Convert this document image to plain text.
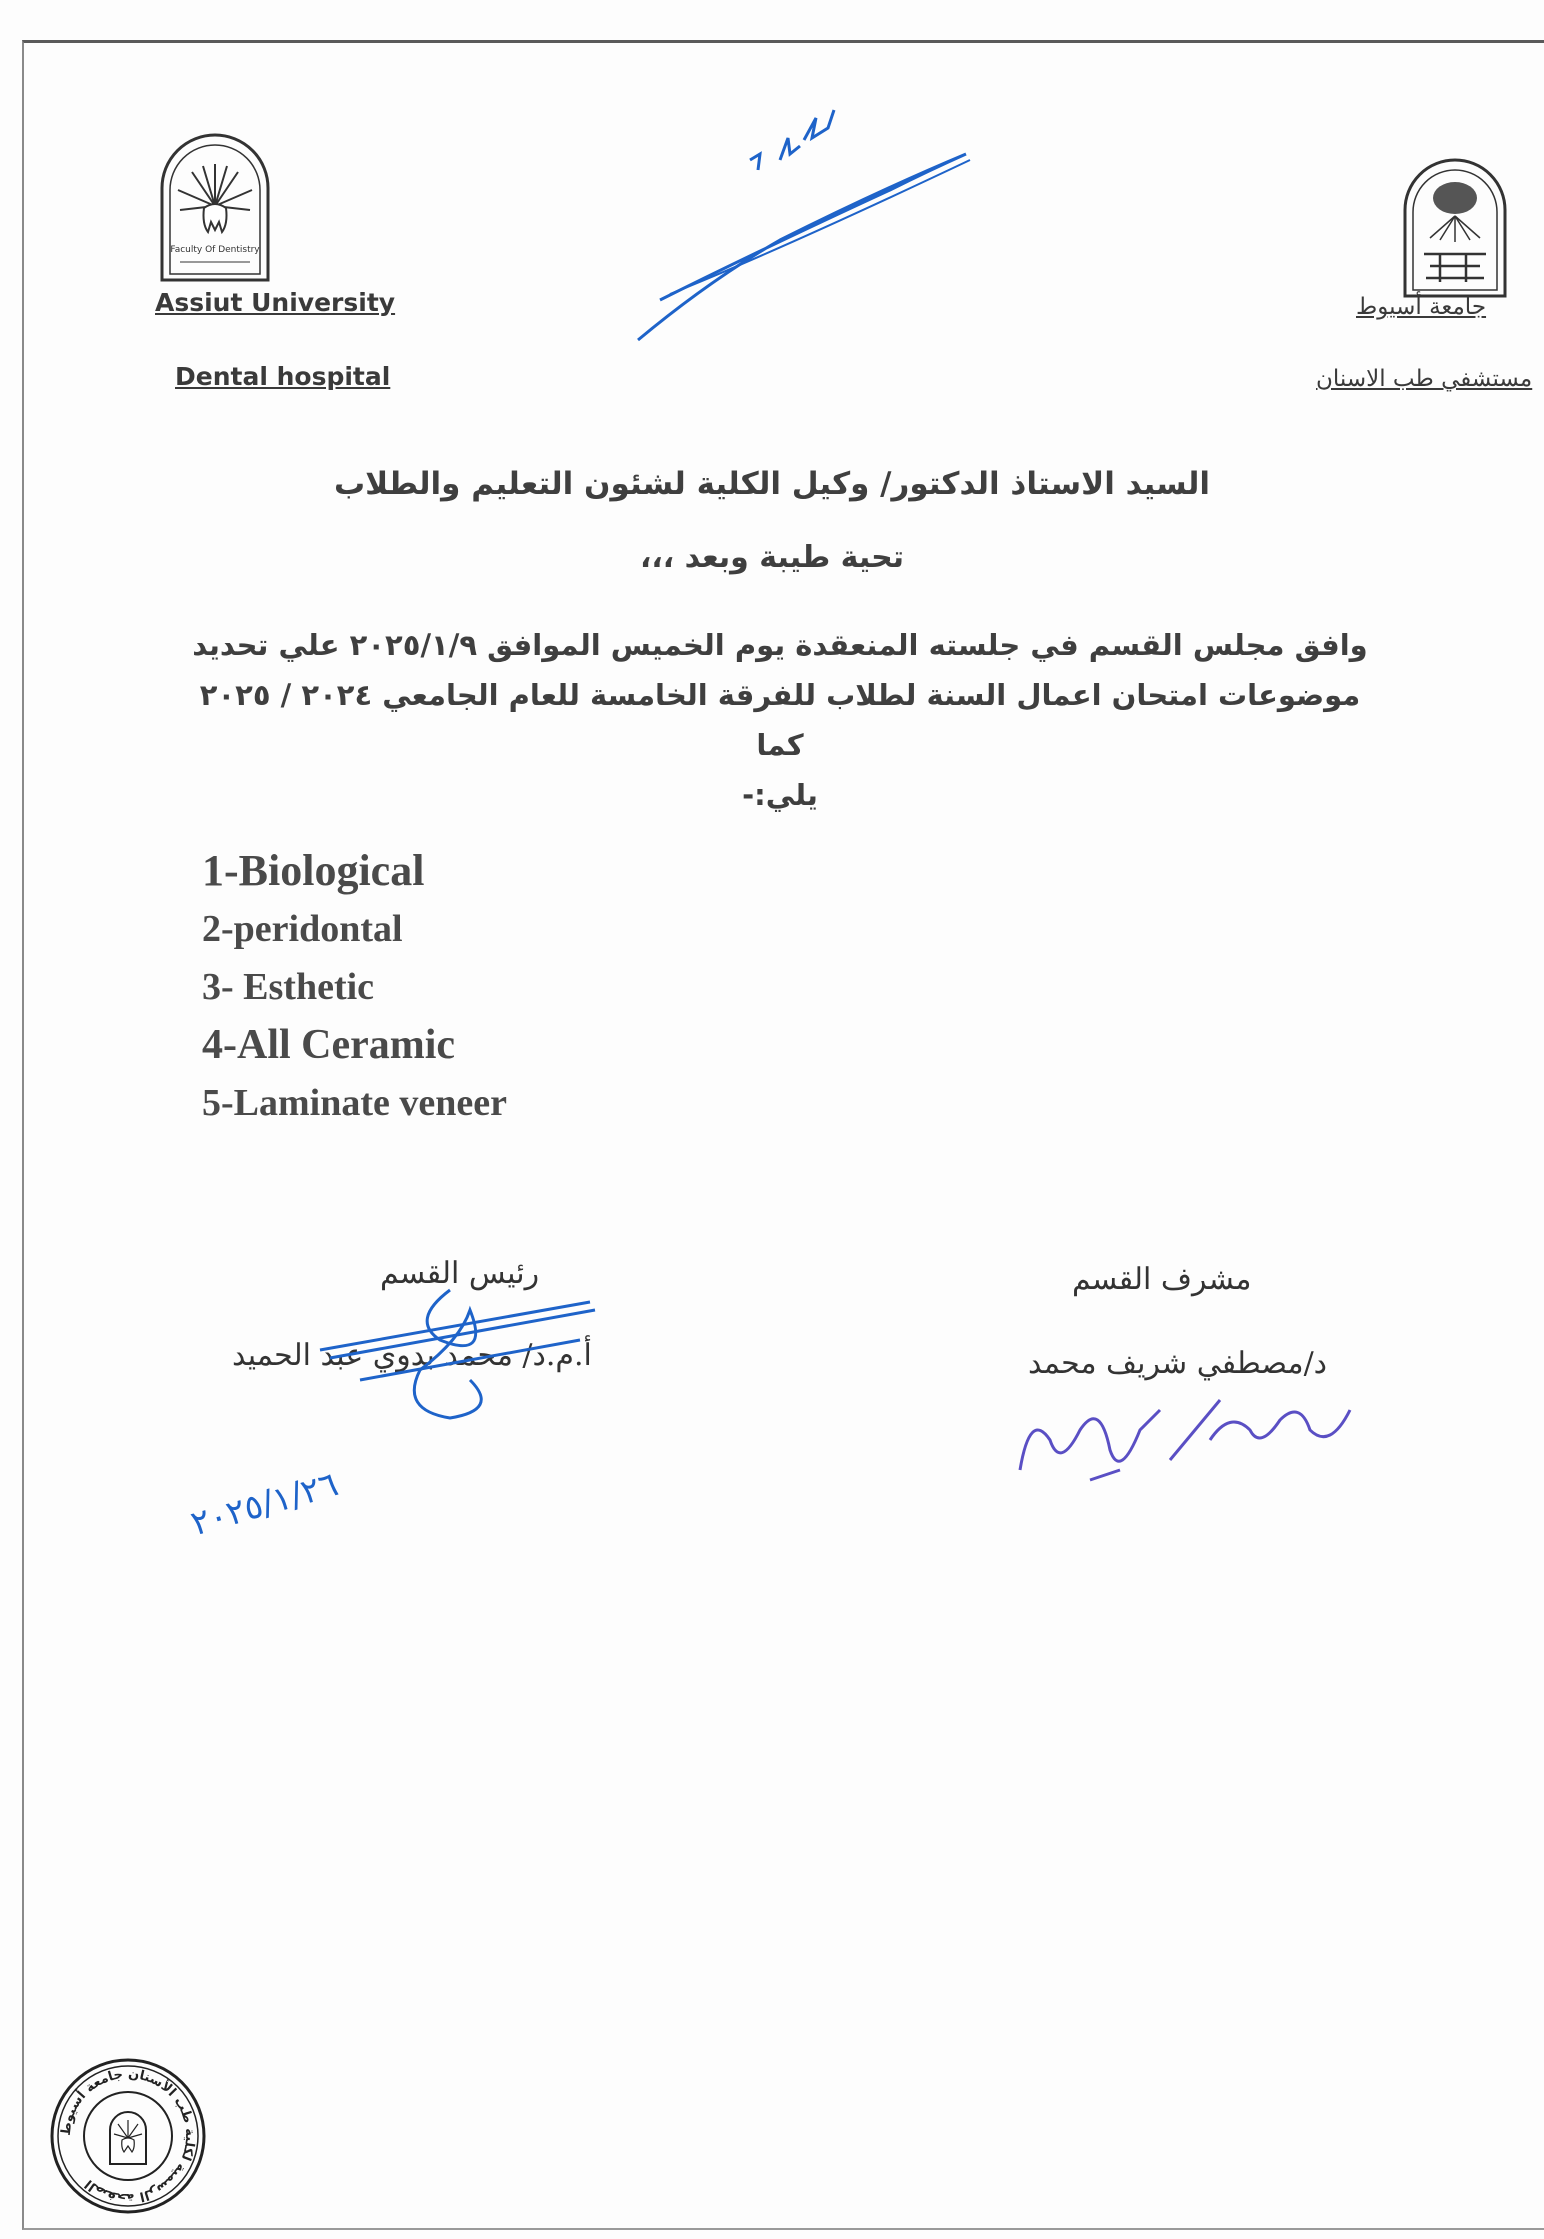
Faculty Of Dentistry
Assiut University
Dental hospital
جامعة أسيوط
مستشفي طب الاسنان
السيد الاستاذ الدكتور/ وكيل الكلية لشئون التعليم والطلاب
تحية طيبة وبعد ،،،
وافق مجلس القسم في جلسته المنعقدة يوم الخميس الموافق ٢٠٢٥/١/٩ علي تحديد
موضوعات امتحان اعمال السنة لطلاب للفرقة الخامسة للعام الجامعي ٢٠٢٤ / ٢٠٢٥ كما
يلي:-
1-Biological
2-peridontal
3- Esthetic
4-All Ceramic
5-Laminate veneer
رئيس القسم
أ.م.د/ محمد بدوي عبد الحميد
مشرف القسم
د/مصطفي شريف محمد
٢٠٢٥/١/٢٦
الصفحة الرسمية لكلية طب الأسنان جامعة أسيوط
